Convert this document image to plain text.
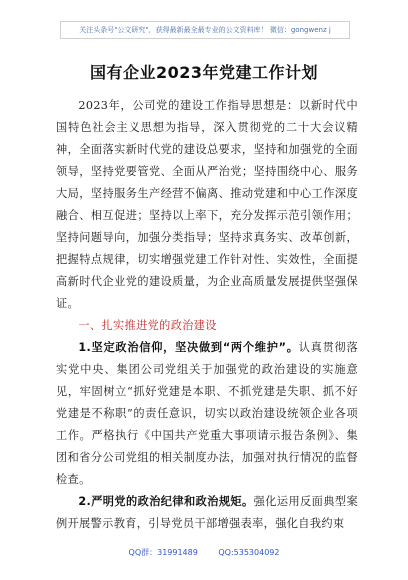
关注头条号"公文研究"，获得最新最全最专业的公文资料库！ 微信：gongwenz j
国有企业2023年党建工作计划

2023年，公司党的建设工作指导思想是：以新时代中国特色社会主义思想为指导，深入贯彻党的二十大会议精神，全面落实新时代党的建设总要求，坚持和加强党的全面领导，坚持党要管党、全面从严治党；坚持围绕中心、服务大局，坚持服务生产经营不偏离、推动党建和中心工作深度融合、相互促进；坚持以上率下，充分发挥示范引领作用；坚持问题导向，加强分类指导；坚持求真务实、改革创新，把握特点规律，切实增强党建工作针对性、实效性，全面提高新时代企业党的建设质量，为企业高质量发展提供坚强保证。

一、扎实推进党的政治建设

1.坚定政治信仰，坚决做到“两个维护”。认真贯彻落实党中央、集团公司党组关于加强党的政治建设的实施意见，牢固树立“抓好党建是本职、不抓党建是失职、抓不好党建是不称职”的责任意识，切实以政治建设统领企业各项工作。严格执行《中国共产党重大事项请示报告条例》、集团和省分公司党组的相关制度办法，加强对执行情况的监督检查。

2.严明党的政治纪律和政治规矩。强化运用反面典型案例开展警示教育，引导党员干部增强表率，强化自我约束

QQ群：31991489	QQ:535304092
